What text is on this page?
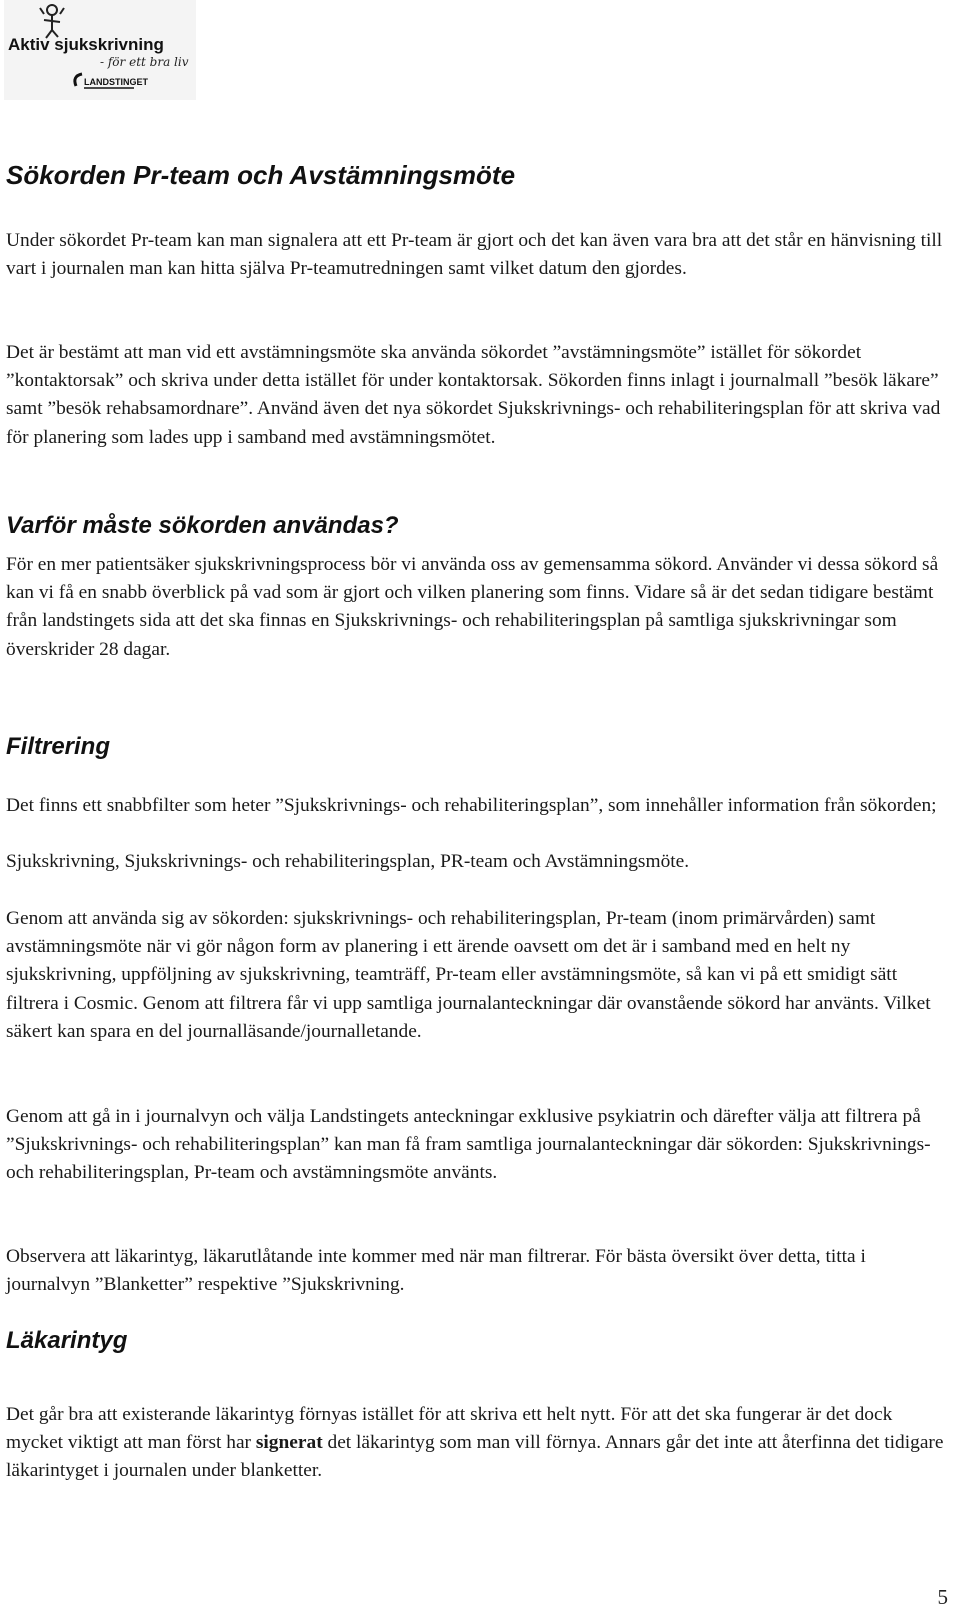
Aktiv sjukskrivning
- för ett bra liv
LANDSTINGET
Sökorden Pr-team och Avstämningsmöte

Under sökordet Pr-team kan man signalera att ett Pr-team är gjort och det kan även vara bra att det står en hänvisning till vart i journalen man kan hitta själva Pr-teamutredningen samt vilket datum den gjordes.

Det är bestämt att man vid ett avstämningsmöte ska använda sökordet ”avstämningsmöte” istället för sökordet ”kontaktorsak” och skriva under detta istället för under kontaktorsak. Sökorden finns inlagt i journalmall ”besök läkare” samt ”besök rehabsamordnare”. Använd även det nya sökordet Sjukskrivnings- och rehabiliteringsplan för att skriva vad för planering som lades upp i samband med avstämningsmötet.

Varför måste sökorden användas?

För en mer patientsäker sjukskrivningsprocess bör vi använda oss av gemensamma sökord. Använder vi dessa sökord så kan vi få en snabb överblick på vad som är gjort och vilken planering som finns. Vidare så är det sedan tidigare bestämt från landstingets sida att det ska finnas en Sjukskrivnings- och rehabiliteringsplan på samtliga sjukskrivningar som överskrider 28 dagar.

Filtrering

Det finns ett snabbfilter som heter ”Sjukskrivnings- och rehabiliteringsplan”, som innehåller information från sökorden;

Sjukskrivning, Sjukskrivnings- och rehabiliteringsplan, PR-team och Avstämningsmöte.

Genom att använda sig av sökorden: sjukskrivnings- och rehabiliteringsplan, Pr-team (inom primärvården) samt avstämningsmöte när vi gör någon form av planering i ett ärende oavsett om det är i samband med en helt ny sjukskrivning, uppföljning av sjukskrivning, teamträff, Pr-team eller avstämningsmöte, så kan vi på ett smidigt sätt filtrera i Cosmic. Genom att filtrera får vi upp samtliga journalanteckningar där ovanstående sökord har använts. Vilket säkert kan spara en del journalläsande/journalletande.

Genom att gå in i journalvyn och välja Landstingets anteckningar exklusive psykiatrin och därefter välja att filtrera på ”Sjukskrivnings- och rehabiliteringsplan” kan man få fram samtliga journalanteckningar där sökorden: Sjukskrivnings- och rehabiliteringsplan, Pr-team och avstämningsmöte använts.

Observera att läkarintyg, läkarutlåtande inte kommer med när man filtrerar. För bästa översikt över detta, titta i journalvyn ”Blanketter” respektive ”Sjukskrivning.

Läkarintyg

Det går bra att existerande läkarintyg förnyas istället för att skriva ett helt nytt. För att det ska fungerar är det dock mycket viktigt att man först har signerat det läkarintyg som man vill förnya. Annars går det inte att återfinna det tidigare läkarintyget i journalen under blanketter.

5
